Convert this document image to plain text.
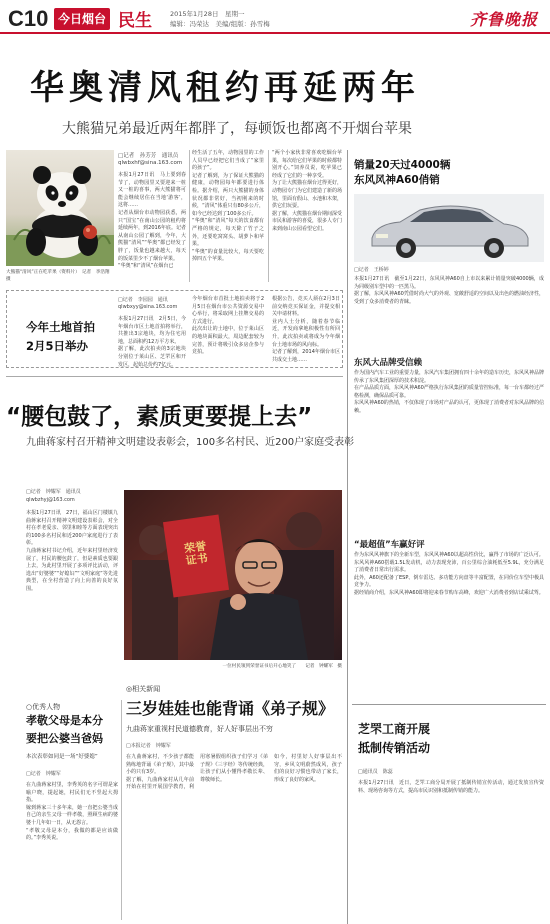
C10 今日烟台 民生	2015年1月28日　星期一
编辑：冯荣达　美编/组版：孙雪梅	齐鲁晚报
华奥清风租约再延两年
大熊猫兄弟最近两年都胖了，每顿饭也都离不开烟台苹果
□记者　孙芳芳　通讯员
qlwbxhf@sina.163.com
大熊猫“清风”正在吃苹果（资料片）　记者　李浩翔　摄
本报1月27日讯　马上要到春节了，动物园里又要迎来一桩又一桩的喜事，两大熊猫将可能会继续居住在当地‘游客’，这将……
记者从烟台市动物园获悉，两只“国宝”在南山公园的租约将延续两年，到2016年底。记者从南山公园了解到，今年，大熊猫“清风”“华奥”都已经发了胖了，饭量也越来越大，每天的饭菜里少不了烟台苹果。
“华奥”和“清风”在烟台已
经生活了五年，动物园里的工作人员早已经把它们当成了“家里的孩子”。
记者了解到，为了保证大熊猫的健康，动物园每年都要进行体检。据介绍，两只大熊猫的身体状况都非常好，当初刚来的时候，“清风”体重只有80多公斤，如今已经达到了100多公斤。
“华奥”和“清风”每天的饮食都有严格的规定，每天除了竹子之外，还要吃窝窝头、胡萝卜和苹果。
“华奥”的食量比较大，每天要吃掉四五个苹果。
“两个小家伙非常喜欢吃烟台苹果，每次给它们苹果的时候都特别开心。”饲养员说，吃苹果已经成了它们的一种享受。
为了让大熊猫在烟台过得更好，动物园专门为它们建造了新的场馆，里面有假山、水池和木架，供它们玩耍。
据了解，大熊猫在烟台期间深受市民和游客的喜爱，很多人专门来到南山公园看望它们。
今年土地首拍
2月5日举办
□记者　李园园　通讯
qlwbxyy@sina.163.com
本报1月27日讯　2月5日，今年烟台市区土地首拍将举行，共推出3宗地块，均为住宅用地，总面积约12万平方米。
据了解，此次拍卖的3宗地块分别位于莱山区、芝罘区和开发区，起始总价约7亿元。
今年烟台市首批土地拍卖将于2月5日在烟台市公共资源交易中心举行，将采取网上挂牌交易的方式进行。
此次出让的土地中，位于莱山区的地块面积最大，周边配套较为完善，预计将吸引众多房企参与竞拍。
根据公告，竞买人须在2月3日前交纳竞买保证金，并提交相关申请材料。
业内人士分析，随着春节临近，开发商拿地积极性有所回升，此次拍卖或将成为今年烟台土地市场的风向标。
记者了解到，2014年烟台市区共成交土地……
销量20天过4000辆
东风风神A60俏销
□记者　王桥婷
本报1月27日讯　截至1月22日，东风风神A60自上市以来累计销量突破4000辆，成为同级别车型中的一匹黑马。
据了解，东风风神A60凭借时尚大气的外观、宽敞舒适的空间以及出色的燃油经济性，受到了众多消费者的青睐。
东风大品牌受信赖
作为国内汽车工业的重要力量，东风汽车集团拥有四十余年的造车历史，东风风神品牌传承了东风集团深厚的技术积淀。
在产品品质方面，东风风神A60严格执行东风集团的质量管控标准，每一台车都经过严格检测，确保品质可靠。
东风风神A60的热销，不仅体现了市场对产品的认可，更体现了消费者对东风品牌的信赖。
“最超值”车赢好评
作为东风风神旗下的全新车型，东风风神A60以超高性价比，赢得了市场的广泛认可。
东风风神A60搭载1.5L发动机，动力表现充沛，百公里综合油耗低至5.9L，充分满足了消费者日常出行需求。
此外，A60还配备了ESP、倒车雷达、多功能方向盘等丰富配置，在同价位车型中极具竞争力。
据经销商介绍，东风风神A60即将迎来春节购车高峰，欢迎广大消费者到店试乘试驾。
芝罘工商开展
抵制传销活动
□通讯员　陈蕊
本报1月27日讯　近日，芝罘工商分局开展了抵制传销宣传活动，通过发放宣传资料、现场咨询等方式，提高市民识别和抵制传销的能力。
“腰包鼓了，素质更要提上去”
九曲蒋家村召开精神文明建设表彰会，100多名村民、近200户家庭受表彰
□记者　钟耀军　通讯员
qlwbzhyj@163.com
本报1月27日讯　27日，福山区门楼镇九曲蒋家村召开精神文明建设表彰会，对全村在孝老爱亲、邻里和睦等方面表现突出的100多名村民和近200户家庭进行了表彰。
九曲蒋家村书记介绍，近年来村里经济发展了，村民的腰包鼓了，但是素质也要跟上去，为此村里开展了多项评比活动，评选出“好婆婆”“好媳妇”“文明家庭”等先进典型，在全村营造了向上向善的良好氛围。
荣誉证书
一位村民领到荣誉证书后开心地笑了　　记者　钟耀军　摄
○优秀人物
孝敬父母是本分
要把公婆当爸妈
本次表彰如同是一场“好婆媳”
□记者　钟耀军
在九曲蒋家村里，李秀英的名字可谓是家喻户晓，提起她，村民们无不竖起大拇指。
嫁到蒋家三十多年来，她一直把公婆当成自己的亲生父母一样孝敬，照顾生病的婆婆十几年如一日，从无怨言。
“孝敬父母是本分，我做的都是应该做的。”李秀英说。
◎相关新闻
三岁娃娃也能背诵《弟子规》
九曲蒋家重视村民道德教育，好人好事层出不穷
□本报记者　钟耀军
在九曲蒋家村，不少孩子都能熟练地背诵《弟子规》，其中最小的只有3岁。
据了解，九曲蒋家村从几年前开始在村里开展国学教育，利用寒暑假组织孩子们学习《弟子规》《三字经》等传统经典，让孩子们从小懂得孝敬长辈、尊敬师长。
如今，村里好人好事层出不穷，乡风文明蔚然成风，孩子们的良好习惯也带动了家长，形成了良好的家风。
